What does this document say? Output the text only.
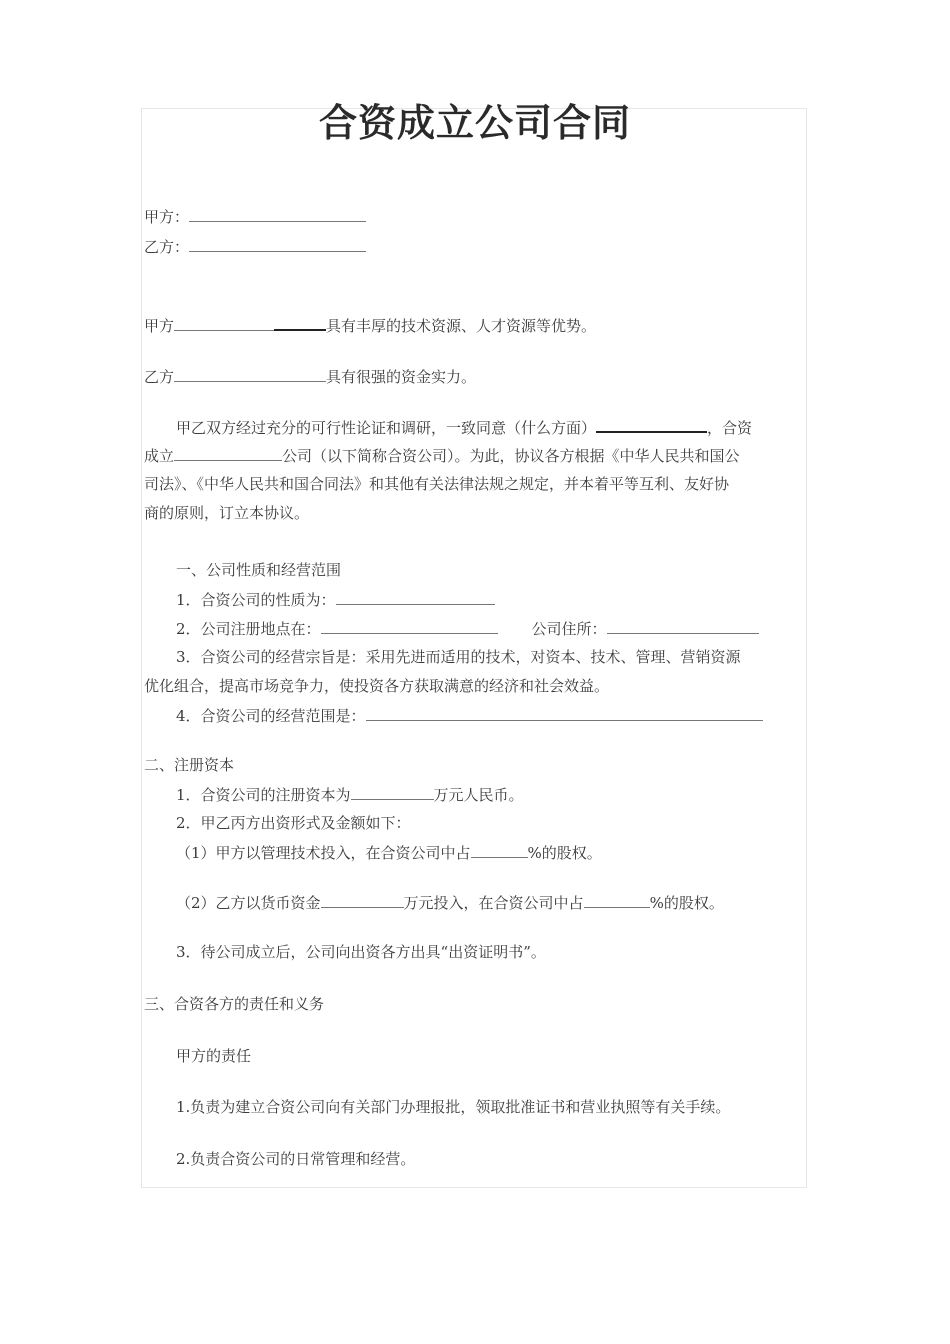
合资成立公司合同
甲方：
乙方：
甲方	具有丰厚的技术资源、人才资源等优势。
乙方	具有很强的资金实力。
甲乙双方经过充分的可行性论证和调研，一致同意（什么方面）	，合资
成立	公司（以下简称合资公司）。为此，协议各方根据《中华人民共和国公
司法》、《中华人民共和国合同法》和其他有关法律法规之规定，并本着平等互利、友好协
商的原则，订立本协议。
一、公司性质和经营范围
1．合资公司的性质为：
2．公司注册地点在：	公司住所：
3．合资公司的经营宗旨是：采用先进而适用的技术，对资本、技术、管理、营销资源
优化组合，提高市场竞争力，使投资各方获取满意的经济和社会效益。
4．合资公司的经营范围是：
二、注册资本
1．合资公司的注册资本为	万元人民币。
2．甲乙丙方出资形式及金额如下：
（1）甲方以管理技术投入，在合资公司中占	%的股权。
（2）乙方以货币资金	万元投入，在合资公司中占	%的股权。
3．待公司成立后，公司向出资各方出具“出资证明书”。
三、合资各方的责任和义务
甲方的责任
1.负责为建立合资公司向有关部门办理报批，领取批准证书和营业执照等有关手续。
2.负责合资公司的日常管理和经营。
